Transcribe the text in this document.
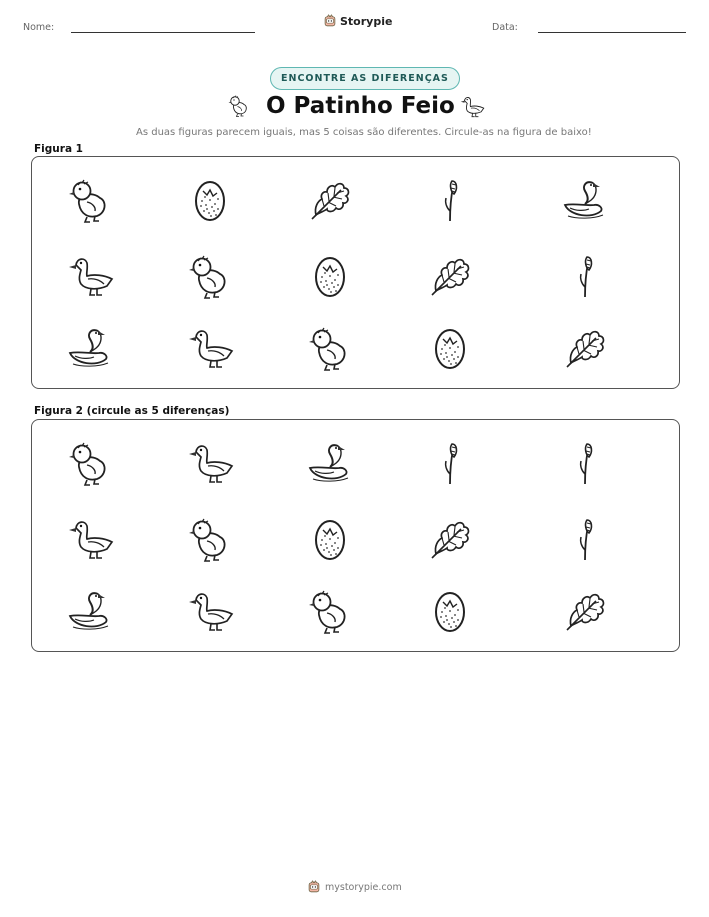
Nome:	Storypie	Data:
ENCONTRE AS DIFERENÇAS
O Patinho Feio
As duas figuras parecem iguais, mas 5 coisas são diferentes. Circule-as na figura de baixo!
Figura 1
Figura 2 (circule as 5 diferenças)
mystorypie.com
